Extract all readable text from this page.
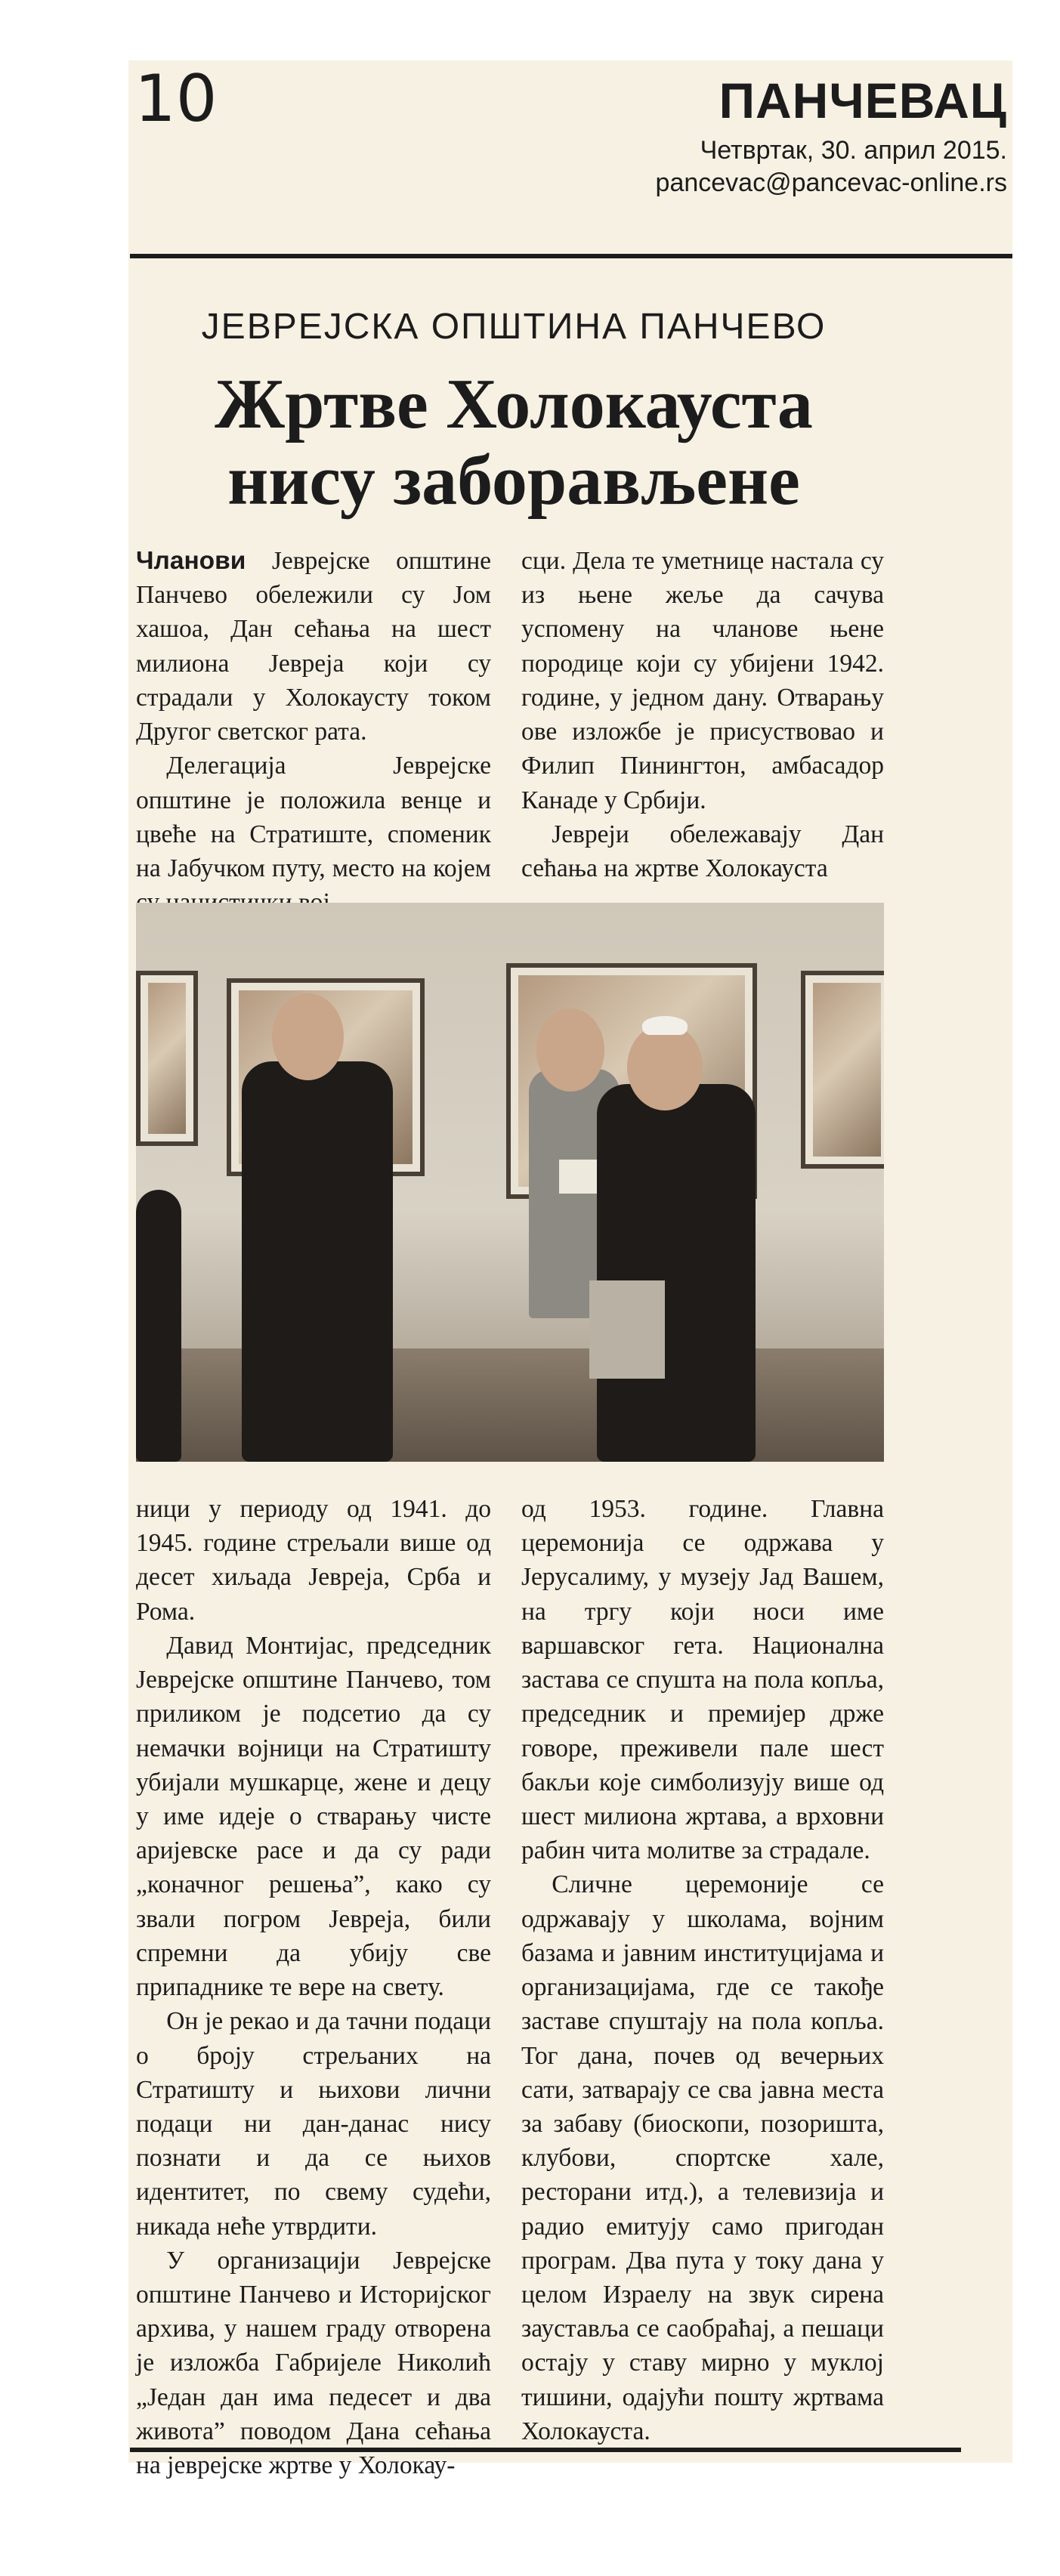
10	ПАНЧЕВАЦ
Четвртак, 30. април 2015.
pancevac@pancevac-online.rs
ЈЕВРЕЈСКА ОПШТИНА ПАНЧЕВО
Жртве Холокауста
нису заборављене

Чланови Јеврејске општине Панчево обележили су Јом хашоа, Дан сећања на шест милиона Јевреја који су страдали у Холокаусту током Другог светског рата.

Делегација Јеврејске општине је положила венце и цвеће на Стратиште, споменик на Јабучком путу, место на којем

сци. Дела те уметнице настала су из њене жеље да сачува успомену на чланове њене породице који су убијени 1942. године, у једном дану. Отварању ове изложбе је присуствовао и Филип Пинингтон, амбасадор Канаде у Србији.

Јевреји обележавају Дан сећања на жртве Холокауста

ници у периоду од 1941. до 1945. године стрељали више од десет хиљада Јевреја, Срба и Рома.

Давид Монтијас, председник Јеврејске општине Панчево, том приликом је подсетио да су немачки војници на Стратишту убијали мушкарце, жене и децу у име идеје о стварању чисте аријевске расе и да су ради „коначног решења”, како су звали погром Јевреја, били спремни да убију све припаднике те вере на свету.

Он је рекао и да тачни подаци о броју стрељаних на Стратишту и њихови лични подаци ни дан-данас нису познати и да се њихов идентитет, по свему судећи, никада неће утврдити.

У организацији Јеврејске општине Панчево и Историјског архива, у нашем граду отворена је изложба Габријеле Николић „Један дан има педесет и два живота” поводом Дана сећања на јеврејске жртве у Холокау-

од 1953. године. Главна церемонија се одржава у Јерусалиму, у музеју Јад Вашем, на тргу који носи име варшавског гета. Национална застава се спушта на пола копља, председник и премијер држе говоре, преживели пале шест бакљи које симболизују више од шест милиона жртава, а врховни рабин чита молитве за страдале.

Сличне церемоније се одржавају у школама, војним базама и јавним институцијама и организацијама, где се такође заставе спуштају на пола копља. Тог дана, почев од вечерњих сати, затварају се сва јавна места за забаву (биоскопи, позоришта, клубови, спортске хале, ресторани итд.), а телевизија и радио емитују само пригодан програм. Два пута у току дана у целом Израелу на звук сирена зауставља се саобраћај, а пешаци остају у ставу мирно у муклој тишини, одајући пошту жртвама Холокауста.
